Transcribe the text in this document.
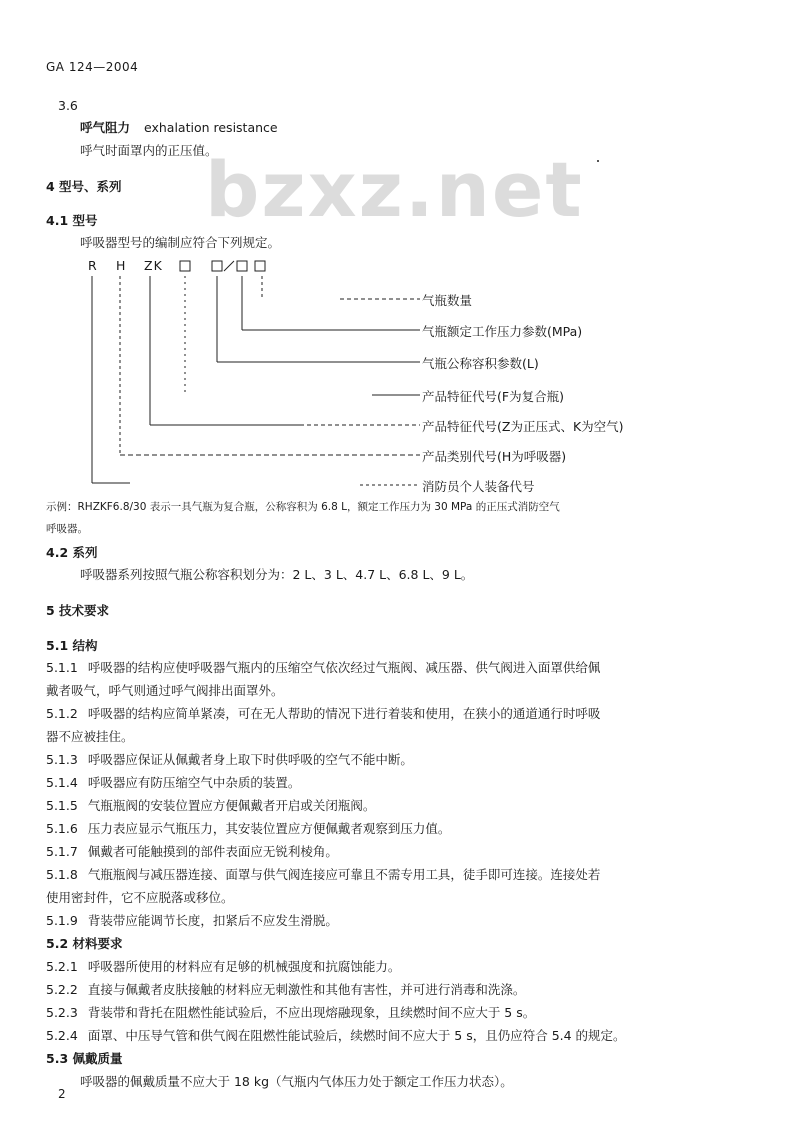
GA 124—2004
bzxz.net
3.6
呼气阻力 exhalation resistance
呼气时面罩内的正压值。
4 型号、系列
4.1 型号
呼吸器型号的编制应符合下列规定。
R H ZK
气瓶数量
气瓶额定工作压力参数(MPa)
气瓶公称容积参数(L)
产品特征代号(F为复合瓶)
产品特征代号(Z为正压式、K为空气)
产品类别代号(H为呼吸器)
消防员个人装备代号
示例：RHZKF6.8/30 表示一具气瓶为复合瓶，公称容积为 6.8 L，额定工作压力为 30 MPa 的正压式消防空气
呼吸器。
4.2 系列
呼吸器系列按照气瓶公称容积划分为：2 L、3 L、4.7 L、6.8 L、9 L。
5 技术要求
5.1 结构
5.1.1 呼吸器的结构应使呼吸器气瓶内的压缩空气依次经过气瓶阀、减压器、供气阀进入面罩供给佩
戴者吸气，呼气则通过呼气阀排出面罩外。
5.1.2 呼吸器的结构应简单紧凑，可在无人帮助的情况下进行着装和使用，在狭小的通道通行时呼吸
器不应被挂住。
5.1.3 呼吸器应保证从佩戴者身上取下时供呼吸的空气不能中断。
5.1.4 呼吸器应有防压缩空气中杂质的装置。
5.1.5 气瓶瓶阀的安装位置应方便佩戴者开启或关闭瓶阀。
5.1.6 压力表应显示气瓶压力，其安装位置应方便佩戴者观察到压力值。
5.1.7 佩戴者可能触摸到的部件表面应无锐利棱角。
5.1.8 气瓶瓶阀与减压器连接、面罩与供气阀连接应可靠且不需专用工具，徒手即可连接。连接处若
使用密封件，它不应脱落或移位。
5.1.9 背装带应能调节长度，扣紧后不应发生滑脱。
5.2 材料要求
5.2.1 呼吸器所使用的材料应有足够的机械强度和抗腐蚀能力。
5.2.2 直接与佩戴者皮肤接触的材料应无刺激性和其他有害性，并可进行消毒和洗涤。
5.2.3 背装带和背托在阻燃性能试验后，不应出现熔融现象，且续燃时间不应大于 5 s。
5.2.4 面罩、中压导气管和供气阀在阻燃性能试验后，续燃时间不应大于 5 s，且仍应符合 5.4 的规定。
5.3 佩戴质量
呼吸器的佩戴质量不应大于 18 kg（气瓶内气体压力处于额定工作压力状态）。
2
